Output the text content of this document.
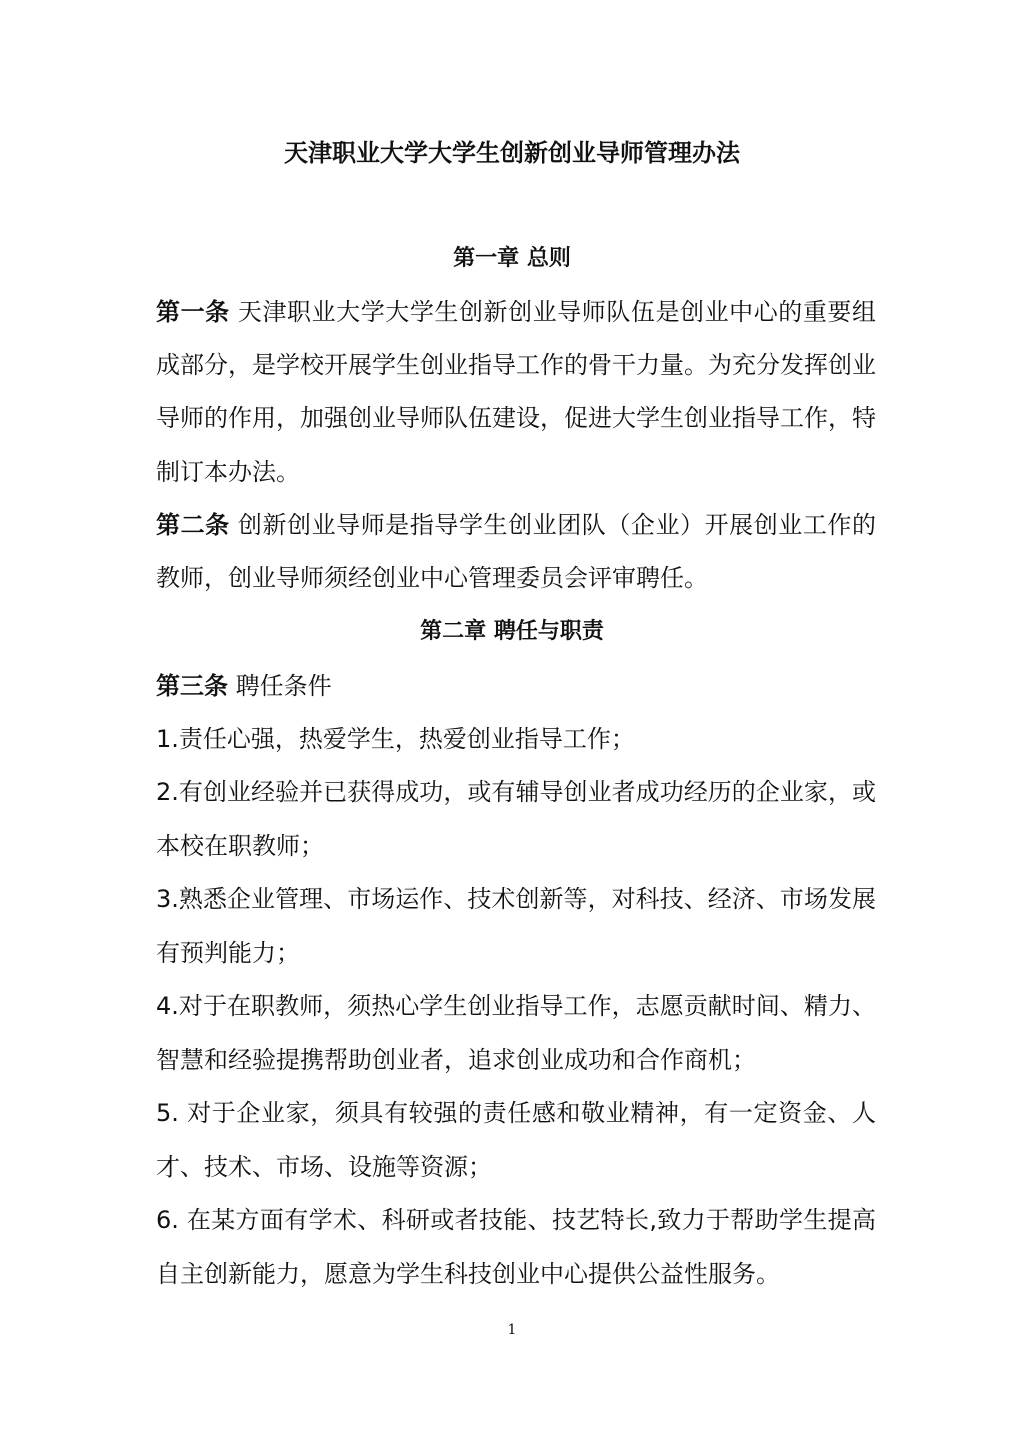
天津职业大学大学生创新创业导师管理办法
第一章 总则
第一条 天津职业大学大学生创新创业导师队伍是创业中心的重要组
成部分，是学校开展学生创业指导工作的骨干力量。为充分发挥创业
导师的作用，加强创业导师队伍建设，促进大学生创业指导工作，特
制订本办法。
第二条 创新创业导师是指导学生创业团队（企业）开展创业工作的
教师，创业导师须经创业中心管理委员会评审聘任。
第二章 聘任与职责
第三条 聘任条件
1.责任心强，热爱学生，热爱创业指导工作；
2.有创业经验并已获得成功，或有辅导创业者成功经历的企业家，或
本校在职教师；
3.熟悉企业管理、市场运作、技术创新等，对科技、经济、市场发展
有预判能力；
4.对于在职教师，须热心学生创业指导工作，志愿贡献时间、精力、
智慧和经验提携帮助创业者，追求创业成功和合作商机；
5. 对于企业家，须具有较强的责任感和敬业精神，有一定资金、人
才、技术、市场、设施等资源；
6. 在某方面有学术、科研或者技能、技艺特长,致力于帮助学生提高
自主创新能力，愿意为学生科技创业中心提供公益性服务。
1
